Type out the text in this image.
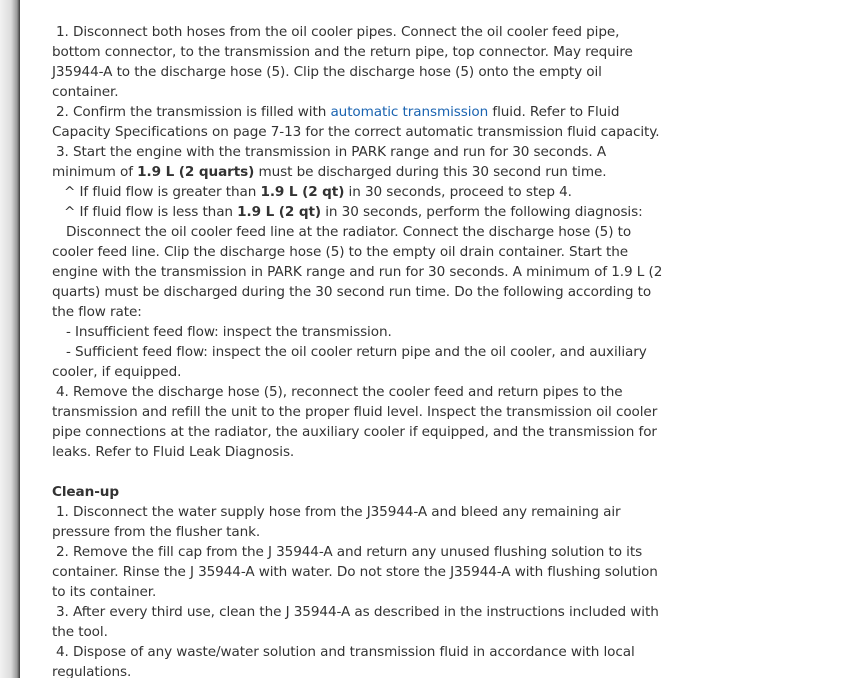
1. Disconnect both hoses from the oil cooler pipes. Connect the oil cooler feed pipe, bottom connector, to the transmission and the return pipe, top connector. May require J35944-A to the discharge hose (5). Clip the discharge hose (5) onto the empty oil container.

2. Confirm the transmission is filled with automatic transmission fluid. Refer to Fluid Capacity Specifications on page 7-13 for the correct automatic transmission fluid capacity.

3. Start the engine with the transmission in PARK range and run for 30 seconds. A minimum of 1.9 L (2 quarts) must be discharged during this 30 second run time.

^ If fluid flow is greater than 1.9 L (2 qt) in 30 seconds, proceed to step 4.

^ If fluid flow is less than 1.9 L (2 qt) in 30 seconds, perform the following diagnosis:

Disconnect the oil cooler feed line at the radiator. Connect the discharge hose (5) to cooler feed line. Clip the discharge hose (5) to the empty oil drain container. Start the engine with the transmission in PARK range and run for 30 seconds. A minimum of 1.9 L (2 quarts) must be discharged during the 30 second run time. Do the following according to the flow rate:

- Insufficient feed flow: inspect the transmission.

- Sufficient feed flow: inspect the oil cooler return pipe and the oil cooler, and auxiliary cooler, if equipped.

4. Remove the discharge hose (5), reconnect the cooler feed and return pipes to the transmission and refill the unit to the proper fluid level. Inspect the transmission oil cooler pipe connections at the radiator, the auxiliary cooler if equipped, and the transmission for leaks. Refer to Fluid Leak Diagnosis.

Clean-up

1. Disconnect the water supply hose from the J35944-A and bleed any remaining air pressure from the flusher tank.

2. Remove the fill cap from the J 35944-A and return any unused flushing solution to its container. Rinse the J 35944-A with water. Do not store the J35944-A with flushing solution to its container.

3. After every third use, clean the J 35944-A as described in the instructions included with the tool.

4. Dispose of any waste/water solution and transmission fluid in accordance with local regulations.
